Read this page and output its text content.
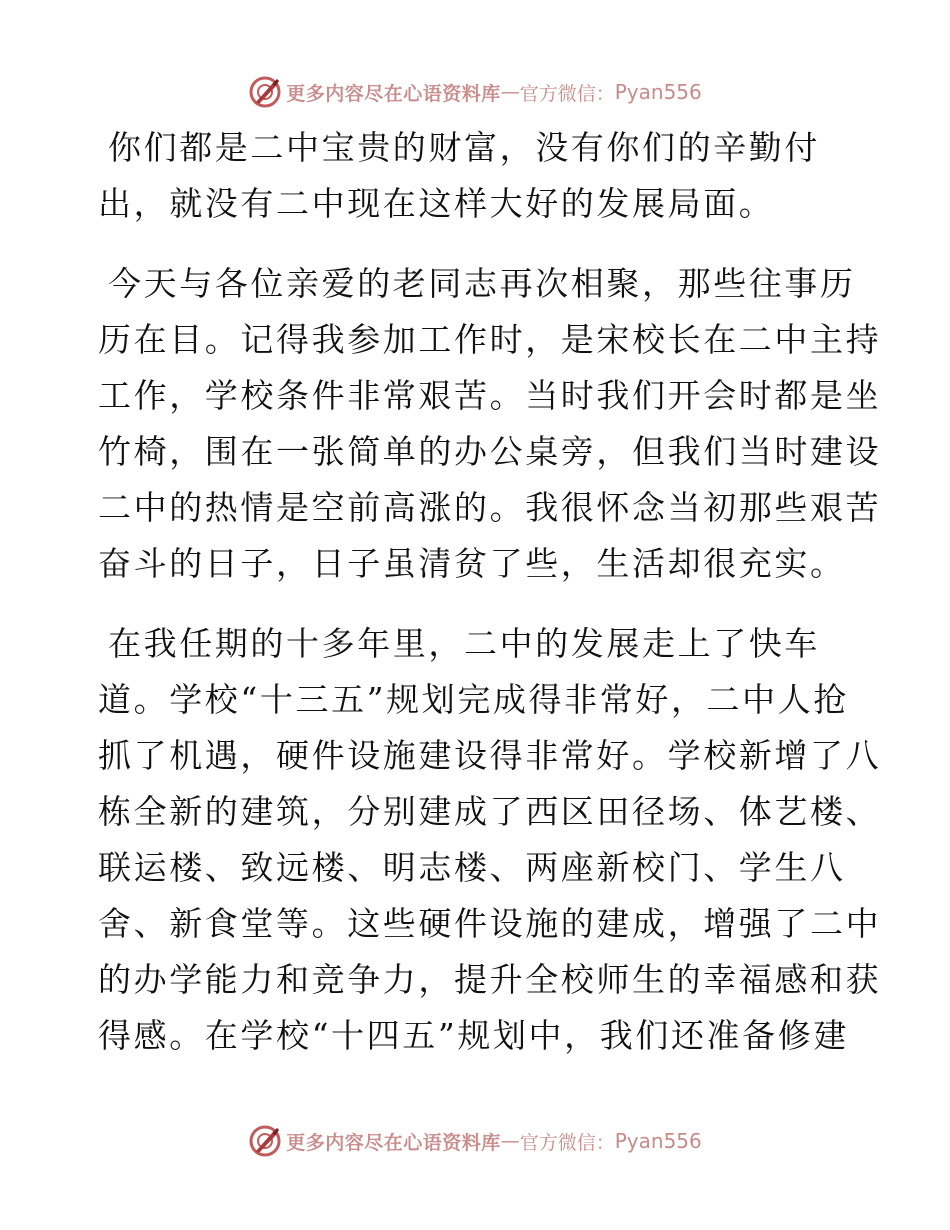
更多内容尽在心语资料库 — 官方微信： Pyan556
你们都是二中宝贵的财富，没有你们的辛勤付
出，就没有二中现在这样大好的发展局面。
今天与各位亲爱的老同志再次相聚，那些往事历
历在目。记得我参加工作时，是宋校长在二中主持
工作，学校条件非常艰苦。当时我们开会时都是坐
竹椅，围在一张简单的办公桌旁，但我们当时建设
二中的热情是空前高涨的。我很怀念当初那些艰苦
奋斗的日子，日子虽清贫了些，生活却很充实。
在我任期的十多年里，二中的发展走上了快车
道。学校“十三五”规划完成得非常好，二中人抢
抓了机遇，硬件设施建设得非常好。学校新增了八
栋全新的建筑，分别建成了西区田径场、体艺楼、
联运楼、致远楼、明志楼、两座新校门、学生八
舍、新食堂等。这些硬件设施的建成，增强了二中
的办学能力和竞争力，提升全校师生的幸福感和获
得感。在学校“十四五”规划中，我们还准备修建
更多内容尽在心语资料库 — 官方微信： Pyan556
